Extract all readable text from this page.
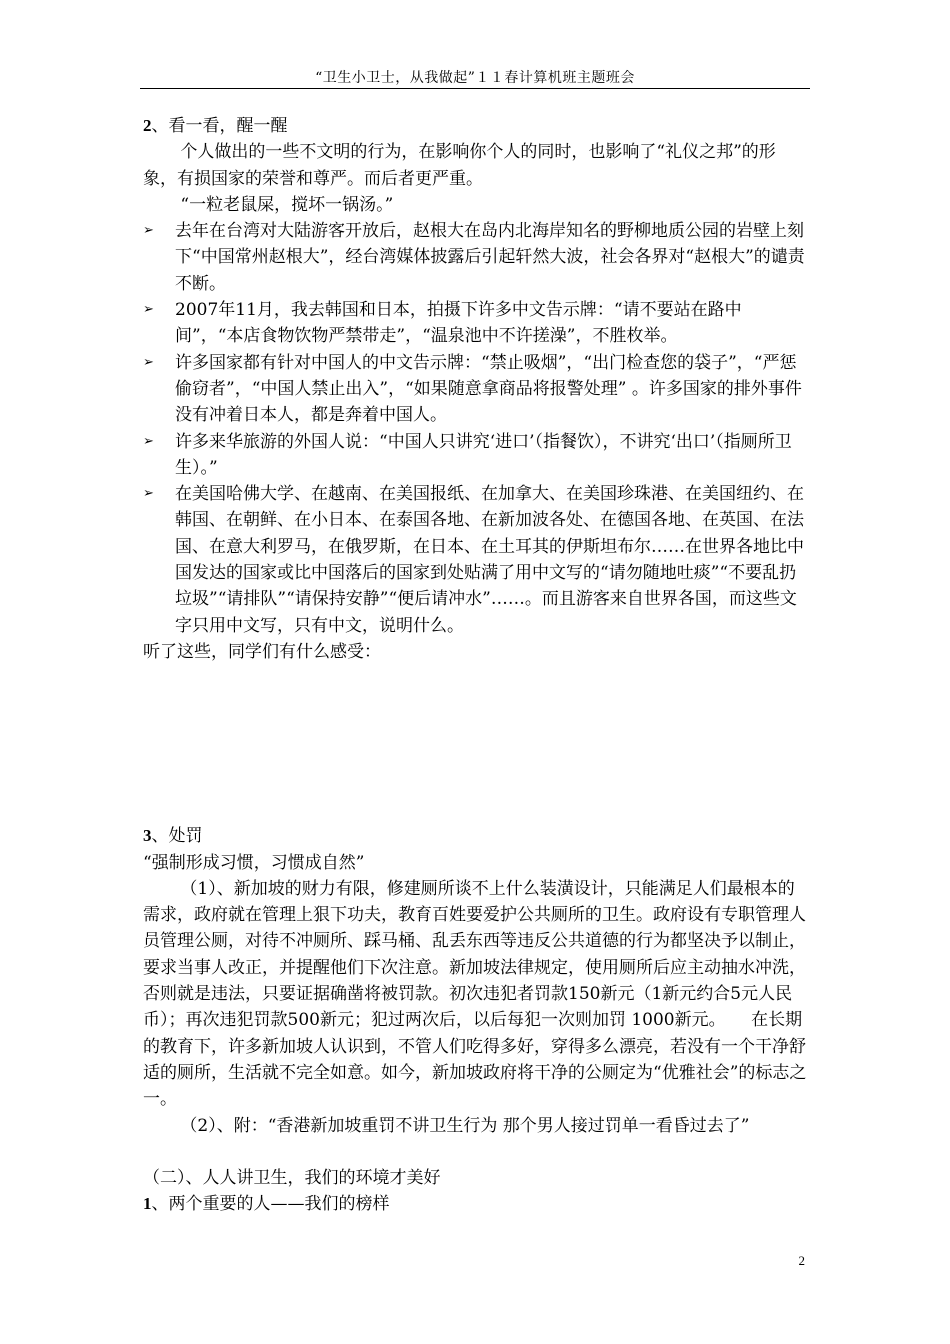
“卫生小卫士，从我做起”１１春计算机班主题班会

2、看一看，醒一醒

个人做出的一些不文明的行为，在影响你个人的同时，也影响了“礼仪之邦”的形象，有损国家的荣誉和尊严。而后者更严重。

“一粒老鼠屎，搅坏一锅汤。”

➢	去年在台湾对大陆游客开放后，赵根大在岛内北海岸知名的野柳地质公园的岩壁上刻下“中国常州赵根大”，经台湾媒体披露后引起轩然大波，社会各界对“赵根大”的谴责不断。

➢	2007年11月，我去韩国和日本，拍摄下许多中文告示牌：“请不要站在路中间”，“本店食物饮物严禁带走”，“温泉池中不许搓澡”，不胜枚举。

➢	许多国家都有针对中国人的中文告示牌：“禁止吸烟”，“出门检查您的袋子”，“严惩偷窃者”，“中国人禁止出入”，“如果随意拿商品将报警处理” 。许多国家的排外事件没有冲着日本人，都是奔着中国人。

➢	许多来华旅游的外国人说：“中国人只讲究‘进口’（指餐饮），不讲究‘出口’（指厕所卫生）。”

➢	在美国哈佛大学、在越南、在美国报纸、在加拿大、在美国珍珠港、在美国纽约、在韩国、在朝鲜、在小日本、在泰国各地、在新加波各处、在德国各地、在英国、在法国、在意大利罗马，在俄罗斯，在日本、在土耳其的伊斯坦布尔……在世界各地比中国发达的国家或比中国落后的国家到处贴满了用中文写的“请勿随地吐痰”“不要乱扔垃圾”“请排队”“请保持安静”“便后请冲水”……。而且游客来自世界各国，而这些文字只用中文写，只有中文，说明什么。

听了这些，同学们有什么感受：

3、处罚

“强制形成习惯，习惯成自然”

（1）、新加坡的财力有限，修建厕所谈不上什么装潢设计，只能满足人们最根本的需求，政府就在管理上狠下功夫，教育百姓要爱护公共厕所的卫生。政府设有专职管理人员管理公厕，对待不冲厕所、踩马桶、乱丢东西等违反公共道德的行为都坚决予以制止，要求当事人改正，并提醒他们下次注意。新加坡法律规定，使用厕所后应主动抽水冲洗，否则就是违法，只要证据确凿将被罚款。初次违犯者罚款150新元（1新元约合5元人民币）；再次违犯罚款500新元；犯过两次后，以后每犯一次则加罚 1000新元。　　在长期的教育下，许多新加坡人认识到，不管人们吃得多好，穿得多么漂亮，若没有一个干净舒适的厕所，生活就不完全如意。如今，新加坡政府将干净的公厕定为“优雅社会”的标志之一。

（2）、附：“香港新加坡重罚不讲卫生行为 那个男人接过罚单一看昏过去了”

（二）、人人讲卫生，我们的环境才美好

1、两个重要的人——我们的榜样

2
